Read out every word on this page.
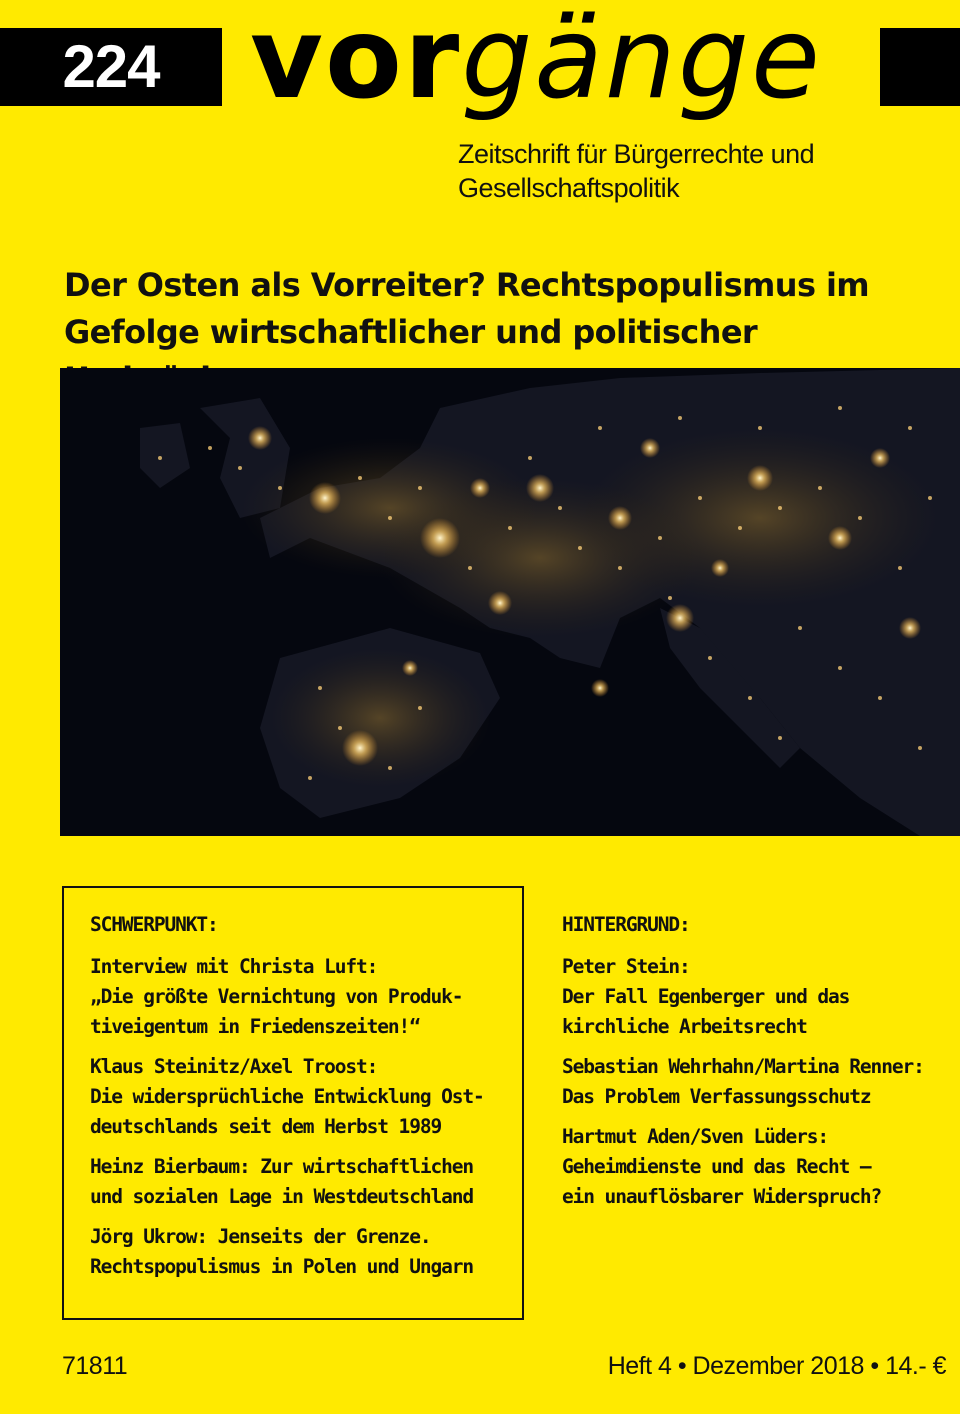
224 vorgänge
Zeitschrift für Bürgerrechte und
Gesellschaftspolitik
Der Osten als Vorreiter? Rechtspopulismus im
Gefolge wirtschaftlicher und politischer
SCHWERPUNKT:
Interview mit Christa Luft:
„Die größte Vernichtung von Produk-
tiveigentum in Friedenszeiten!“
Klaus Steinitz/Axel Troost:
Die widersprüchliche Entwicklung Ost-
deutschlands seit dem Herbst 1989
Heinz Bierbaum: Zur wirtschaftlichen
und sozialen Lage in Westdeutschland
Jörg Ukrow: Jenseits der Grenze.
Rechtspopulismus in Polen und Ungarn
HINTERGRUND:
Peter Stein:
Der Fall Egenberger und das
kirchliche Arbeitsrecht
Sebastian Wehrhahn/Martina Renner:
Das Problem Verfassungsschutz
Hartmut Aden/Sven Lüders:
Geheimdienste und das Recht –
ein unauflösbarer Widerspruch?
71811	Heft 4 • Dezember 2018 • 14.- €
